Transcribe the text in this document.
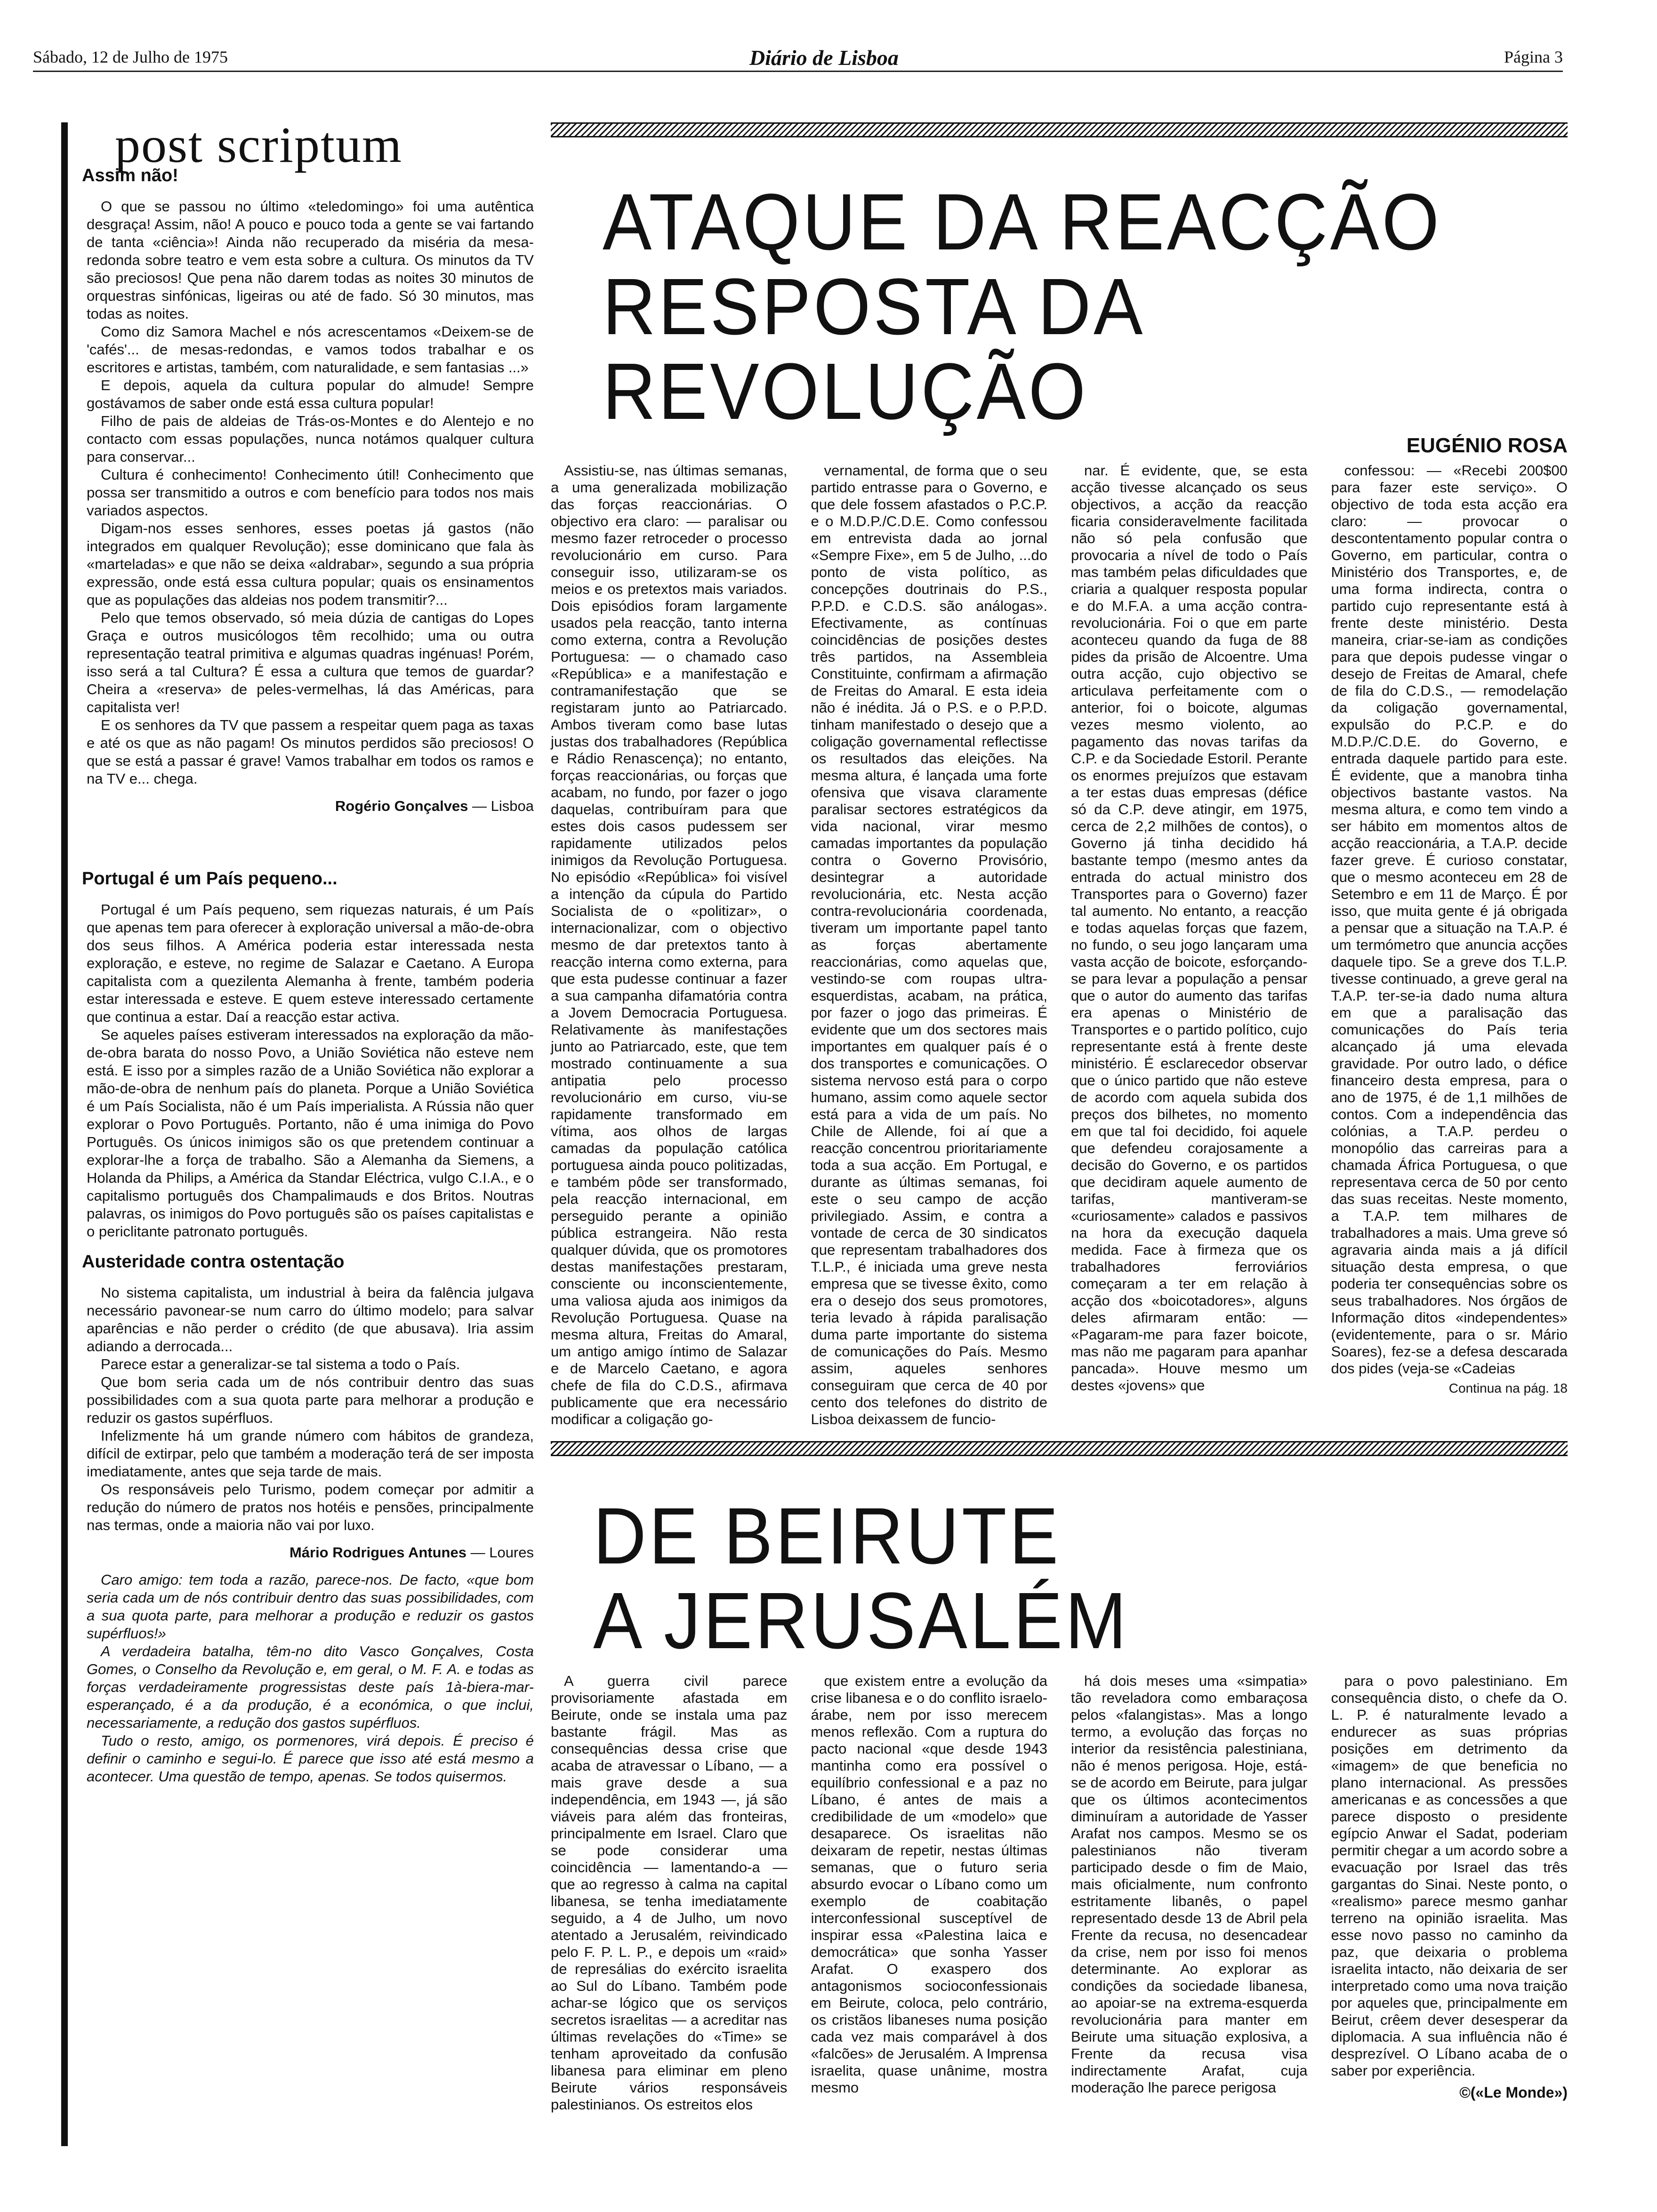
Sábado, 12 de Julho de 1975	Diário de Lisboa	Página 3
post scriptum
Assim não!

O que se passou no último «teledomingo» foi uma autêntica desgraça! Assim, não! A pouco e pouco toda a gente se vai fartando de tanta «ciência»! Ainda não recuperado da miséria da mesa-redonda sobre teatro e vem esta sobre a cultura. Os minutos da TV são preciosos! Que pena não darem todas as noites 30 minutos de orquestras sinfónicas, ligeiras ou até de fado. Só 30 minutos, mas todas as noites.

Como diz Samora Machel e nós acrescentamos «Deixem-se de 'cafés'... de mesas-redondas, e vamos todos trabalhar e os escritores e artistas, também, com naturalidade, e sem fantasias ...»

E depois, aquela da cultura popular do almude! Sempre gostávamos de saber onde está essa cultura popular!

Filho de pais de aldeias de Trás-os-Montes e do Alentejo e no contacto com essas populações, nunca notámos qualquer cultura para conservar...

Cultura é conhecimento! Conhecimento útil! Conhecimento que possa ser transmitido a outros e com benefício para todos nos mais variados aspectos.

Digam-nos esses senhores, esses poetas já gastos (não integrados em qualquer Revolução); esse dominicano que fala às «marteladas» e que não se deixa «aldrabar», segundo a sua própria expressão, onde está essa cultura popular; quais os ensinamentos que as populações das aldeias nos podem transmitir?...

Pelo que temos observado, só meia dúzia de cantigas do Lopes Graça e outros musicólogos têm recolhido; uma ou outra representação teatral primitiva e algumas quadras ingénuas! Porém, isso será a tal Cultura? É essa a cultura que temos de guardar? Cheira a «reserva» de peles-vermelhas, lá das Américas, para capitalista ver!

E os senhores da TV que passem a respeitar quem paga as taxas e até os que as não pagam! Os minutos perdidos são preciosos! O que se está a passar é grave! Vamos trabalhar em todos os ramos e na TV e... chega.

Rogério Gonçalves — Lisboa
Portugal é um País pequeno...

Portugal é um País pequeno, sem riquezas naturais, é um País que apenas tem para oferecer à exploração universal a mão-de-obra dos seus filhos. A América poderia estar interessada nesta exploração, e esteve, no regime de Salazar e Caetano. A Europa capitalista com a quezilenta Alemanha à frente, também poderia estar interessada e esteve. E quem esteve interessado certamente que continua a estar. Daí a reacção estar activa.

Se aqueles países estiveram interessados na exploração da mão-de-obra barata do nosso Povo, a União Soviética não esteve nem está. E isso por a simples razão de a União Soviética não explorar a mão-de-obra de nenhum país do planeta. Porque a União Soviética é um País Socialista, não é um País imperialista. A Rússia não quer explorar o Povo Português. Portanto, não é uma inimiga do Povo Português. Os únicos inimigos são os que pretendem continuar a explorar-lhe a força de trabalho. São a Alemanha da Siemens, a Holanda da Philips, a América da Standar Eléctrica, vulgo C.I.A., e o capitalismo português dos Champalimauds e dos Britos. Noutras palavras, os inimigos do Povo português são os países capitalistas e o periclitante patronato português.

Austeridade contra ostentação

No sistema capitalista, um industrial à beira da falência julgava necessário pavonear-se num carro do último modelo; para salvar aparências e não perder o crédito (de que abusava). Iria assim adiando a derrocada...

Parece estar a generalizar-se tal sistema a todo o País.

Que bom seria cada um de nós contribuir dentro das suas possibilidades com a sua quota parte para melhorar a produção e reduzir os gastos supérfluos.

Infelizmente há um grande número com hábitos de grandeza, difícil de extirpar, pelo que também a moderação terá de ser imposta imediatamente, antes que seja tarde de mais.

Os responsáveis pelo Turismo, podem começar por admitir a redução do número de pratos nos hotéis e pensões, principalmente nas termas, onde a maioria não vai por luxo.

Mário Rodrigues Antunes — Loures

Caro amigo: tem toda a razão, parece-nos. De facto, «que bom seria cada um de nós contribuir dentro das suas possibilidades, com a sua quota parte, para melhorar a produção e reduzir os gastos supérfluos!»

A verdadeira batalha, têm-no dito Vasco Gonçalves, Costa Gomes, o Conselho da Revolução e, em geral, o M. F. A. e todas as forças verdadeiramente progressistas deste país 1à-biera-mar-esperançado, é a da produção, é a económica, o que inclui, necessariamente, a redução dos gastos supérfluos.

Tudo o resto, amigo, os pormenores, virá depois. É preciso é definir o caminho e segui-lo. É parece que isso até está mesmo a acontecer. Uma questão de tempo, apenas. Se todos quisermos.

ATAQUE DA REACÇÃO
RESPOSTA DA REVOLUÇÃO
EUGÉNIO ROSA

Assistiu-se, nas últimas semanas, a uma generalizada mobilização das forças reaccionárias. O objectivo era claro: — paralisar ou mesmo fazer retroceder o processo revolucionário em curso. Para conseguir isso, utilizaram-se os meios e os pretextos mais variados. Dois episódios foram largamente usados pela reacção, tanto interna como externa, contra a Revolução Portuguesa: — o chamado caso «República» e a manifestação e contramanifestação que se registaram junto ao Patriarcado. Ambos tiveram como base lutas justas dos trabalhadores (República e Rádio Renascença); no entanto, forças reaccionárias, ou forças que acabam, no fundo, por fazer o jogo daquelas, contribuíram para que estes dois casos pudessem ser rapidamente utilizados pelos inimigos da Revolução Portuguesa. No episódio «República» foi visível a intenção da cúpula do Partido Socialista de o «politizar», o internacionalizar, com o objectivo mesmo de dar pretextos tanto à reacção interna como externa, para que esta pudesse continuar a fazer a sua campanha difamatória contra a Jovem Democracia Portuguesa. Relativamente às manifestações junto ao Patriarcado, este, que tem mostrado continuamente a sua antipatia pelo processo revolucionário em curso, viu-se rapidamente transformado em vítima, aos olhos de largas camadas da população católica portuguesa ainda pouco politizadas, e também pôde ser transformado, pela reacção internacional, em perseguido perante a opinião pública estrangeira. Não resta qualquer dúvida, que os promotores destas manifestações prestaram, consciente ou inconscientemente, uma valiosa ajuda aos inimigos da Revolução Portuguesa. Quase na mesma altura, Freitas do Amaral, um antigo amigo íntimo de Salazar e de Marcelo Caetano, e agora chefe de fila do C.D.S., afirmava publicamente que era necessário modificar a coligação go-

vernamental, de forma que o seu partido entrasse para o Governo, e que dele fossem afastados o P.C.P. e o M.D.P./C.D.E. Como confessou em entrevista dada ao jornal «Sempre Fixe», em 5 de Julho, ...do ponto de vista político, as concepções doutrinais do P.S., P.P.D. e C.D.S. são análogas». Efectivamente, as contínuas coincidências de posições destes três partidos, na Assembleia Constituinte, confirmam a afirmação de Freitas do Amaral. E esta ideia não é inédita. Já o P.S. e o P.P.D. tinham manifestado o desejo que a coligação governamental reflectisse os resultados das eleições. Na mesma altura, é lançada uma forte ofensiva que visava claramente paralisar sectores estratégicos da vida nacional, virar mesmo camadas importantes da população contra o Governo Provisório, desintegrar a autoridade revolucionária, etc. Nesta acção contra-revolucionária coordenada, tiveram um importante papel tanto as forças abertamente reaccionárias, como aquelas que, vestindo-se com roupas ultra-esquerdistas, acabam, na prática, por fazer o jogo das primeiras. É evidente que um dos sectores mais importantes em qualquer país é o dos transportes e comunicações. O sistema nervoso está para o corpo humano, assim como aquele sector está para a vida de um país. No Chile de Allende, foi aí que a reacção concentrou prioritariamente toda a sua acção. Em Portugal, e durante as últimas semanas, foi este o seu campo de acção privilegiado. Assim, e contra a vontade de cerca de 30 sindicatos que representam trabalhadores dos T.L.P., é iniciada uma greve nesta empresa que se tivesse êxito, como era o desejo dos seus promotores, teria levado à rápida paralisação duma parte importante do sistema de comunicações do País. Mesmo assim, aqueles senhores conseguiram que cerca de 40 por cento dos telefones do distrito de Lisboa deixassem de funcio-

nar. É evidente, que, se esta acção tivesse alcançado os seus objectivos, a acção da reacção ficaria consideravelmente facilitada não só pela confusão que provocaria a nível de todo o País mas também pelas dificuldades que criaria a qualquer resposta popular e do M.F.A. a uma acção contra-revolucionária. Foi o que em parte aconteceu quando da fuga de 88 pides da prisão de Alcoentre. Uma outra acção, cujo objectivo se articulava perfeitamente com o anterior, foi o boicote, algumas vezes mesmo violento, ao pagamento das novas tarifas da C.P. e da Sociedade Estoril. Perante os enormes prejuízos que estavam a ter estas duas empresas (défice só da C.P. deve atingir, em 1975, cerca de 2,2 milhões de contos), o Governo já tinha decidido há bastante tempo (mesmo antes da entrada do actual ministro dos Transportes para o Governo) fazer tal aumento. No entanto, a reacção e todas aquelas forças que fazem, no fundo, o seu jogo lançaram uma vasta acção de boicote, esforçando-se para levar a população a pensar que o autor do aumento das tarifas era apenas o Ministério de Transportes e o partido político, cujo representante está à frente deste ministério. É esclarecedor observar que o único partido que não esteve de acordo com aquela subida dos preços dos bilhetes, no momento em que tal foi decidido, foi aquele que defendeu corajosamente a decisão do Governo, e os partidos que decidiram aquele aumento de tarifas, mantiveram-se «curiosamente» calados e passivos na hora da execução daquela medida. Face à firmeza que os trabalhadores ferroviários começaram a ter em relação à acção dos «boicotadores», alguns deles afirmaram então: — «Pagaram-me para fazer boicote, mas não me pagaram para apanhar pancada». Houve mesmo um destes «jovens» que

confessou: — «Recebi 200$00 para fazer este serviço». O objectivo de toda esta acção era claro: — provocar o descontentamento popular contra o Governo, em particular, contra o Ministério dos Transportes, e, de uma forma indirecta, contra o partido cujo representante está à frente deste ministério. Desta maneira, criar-se-iam as condições para que depois pudesse vingar o desejo de Freitas de Amaral, chefe de fila do C.D.S., — remodelação da coligação governamental, expulsão do P.C.P. e do M.D.P./C.D.E. do Governo, e entrada daquele partido para este. É evidente, que a manobra tinha objectivos bastante vastos. Na mesma altura, e como tem vindo a ser hábito em momentos altos de acção reaccionária, a T.A.P. decide fazer greve. É curioso constatar, que o mesmo aconteceu em 28 de Setembro e em 11 de Março. É por isso, que muita gente é já obrigada a pensar que a situação na T.A.P. é um termómetro que anuncia acções daquele tipo. Se a greve dos T.L.P. tivesse continuado, a greve geral na T.A.P. ter-se-ia dado numa altura em que a paralisação das comunicações do País teria alcançado já uma elevada gravidade. Por outro lado, o défice financeiro desta empresa, para o ano de 1975, é de 1,1 milhões de contos. Com a independência das colónias, a T.A.P. perdeu o monopólio das carreiras para a chamada África Portuguesa, o que representava cerca de 50 por cento das suas receitas. Neste momento, a T.A.P. tem milhares de trabalhadores a mais. Uma greve só agravaria ainda mais a já difícil situação desta empresa, o que poderia ter consequências sobre os seus trabalhadores. Nos órgãos de Informação ditos «independentes» (evidentemente, para o sr. Mário Soares), fez-se a defesa descarada dos pides (veja-se «Cadeias

Continua na pág. 18
DE BEIRUTE
A JERUSALÉM

A guerra civil parece provisoriamente afastada em Beirute, onde se instala uma paz bastante frágil. Mas as consequências dessa crise que acaba de atravessar o Líbano, — a mais grave desde a sua independência, em 1943 —, já são viáveis para além das fronteiras, principalmente em Israel. Claro que se pode considerar uma coincidência — lamentando-a — que ao regresso à calma na capital libanesa, se tenha imediatamente seguido, a 4 de Julho, um novo atentado a Jerusalém, reivindicado pelo F. P. L. P., e depois um «raid» de represálias do exército israelita ao Sul do Líbano. Também pode achar-se lógico que os serviços secretos israelitas — a acreditar nas últimas revelações do «Time» se tenham aproveitado da confusão libanesa para eliminar em pleno Beirute vários responsáveis palestinianos. Os estreitos elos

que existem entre a evolução da crise libanesa e o do conflito israelo-árabe, nem por isso merecem menos reflexão. Com a ruptura do pacto nacional «que desde 1943 mantinha como era possível o equilíbrio confessional e a paz no Líbano, é antes de mais a credibilidade de um «modelo» que desaparece. Os israelitas não deixaram de repetir, nestas últimas semanas, que o futuro seria absurdo evocar o Líbano como um exemplo de coabitação interconfessional susceptível de inspirar essa «Palestina laica e democrática» que sonha Yasser Arafat. O exaspero dos antagonismos socioconfessionais em Beirute, coloca, pelo contrário, os cristãos libaneses numa posição cada vez mais comparável à dos «falcões» de Jerusalém. A Imprensa israelita, quase unânime, mostra mesmo

há dois meses uma «simpatia» tão reveladora como embaraçosa pelos «falangistas». Mas a longo termo, a evolução das forças no interior da resistência palestiniana, não é menos perigosa. Hoje, está-se de acordo em Beirute, para julgar que os últimos acontecimentos diminuíram a autoridade de Yasser Arafat nos campos. Mesmo se os palestinianos não tiveram participado desde o fim de Maio, mais oficialmente, num confronto estritamente libanês, o papel representado desde 13 de Abril pela Frente da recusa, no desencadear da crise, nem por isso foi menos determinante. Ao explorar as condições da sociedade libanesa, ao apoiar-se na extrema-esquerda revolucionária para manter em Beirute uma situação explosiva, a Frente da recusa visa indirectamente Arafat, cuja moderação lhe parece perigosa

para o povo palestiniano. Em consequência disto, o chefe da O. L. P. é naturalmente levado a endurecer as suas próprias posições em detrimento da «imagem» de que beneficia no plano internacional. As pressões americanas e as concessões a que parece disposto o presidente egípcio Anwar el Sadat, poderiam permitir chegar a um acordo sobre a evacuação por Israel das três gargantas do Sinai. Neste ponto, o «realismo» parece mesmo ganhar terreno na opinião israelita. Mas esse novo passo no caminho da paz, que deixaria o problema israelita intacto, não deixaria de ser interpretado como uma nova traição por aqueles que, principalmente em Beirut, crêem dever desesperar da diplomacia. A sua influência não é desprezível. O Líbano acaba de o saber por experiência.

©(«Le Monde»)
